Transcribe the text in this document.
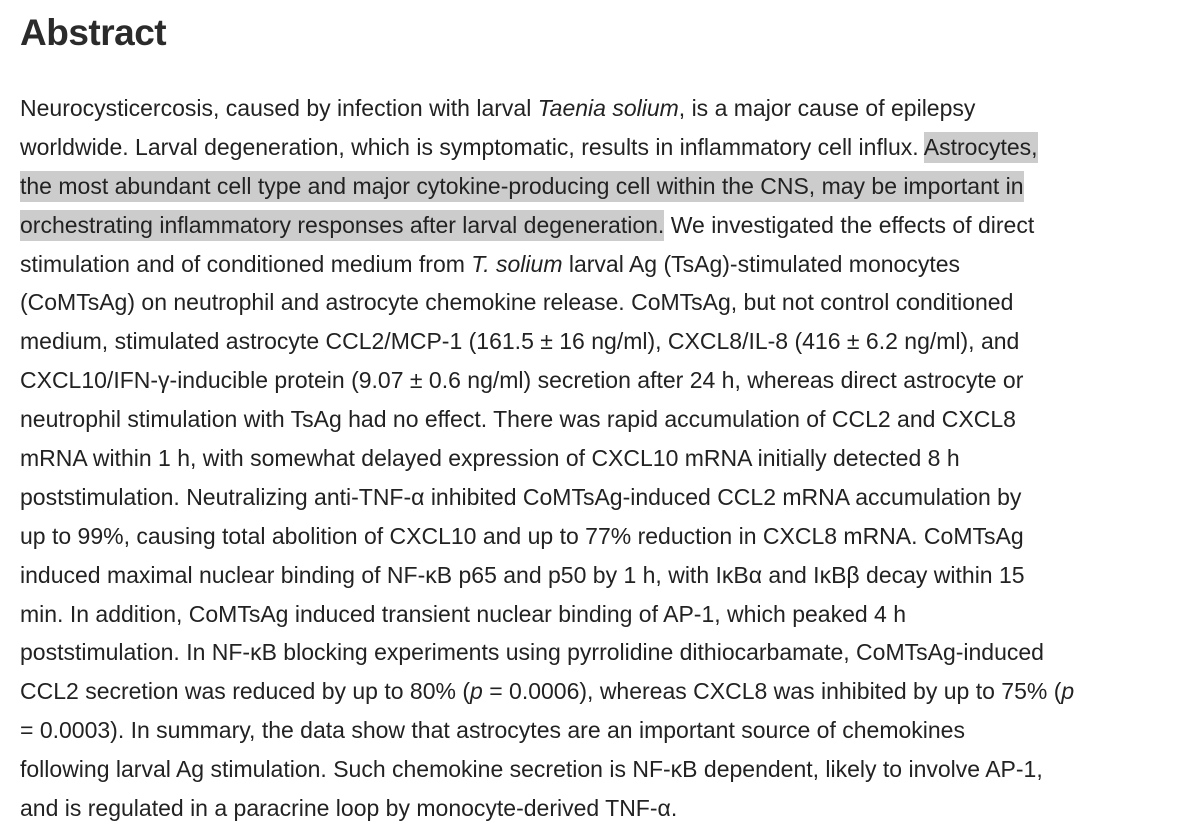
Abstract
Neurocysticercosis, caused by infection with larval Taenia solium, is a major cause of epilepsy
worldwide. Larval degeneration, which is symptomatic, results in inflammatory cell influx. Astrocytes,
the most abundant cell type and major cytokine-producing cell within the CNS, may be important in
orchestrating inflammatory responses after larval degeneration. We investigated the effects of direct
stimulation and of conditioned medium from T. solium larval Ag (TsAg)-stimulated monocytes
(CoMTsAg) on neutrophil and astrocyte chemokine release. CoMTsAg, but not control conditioned
medium, stimulated astrocyte CCL2/MCP-1 (161.5 ± 16 ng/ml), CXCL8/IL-8 (416 ± 6.2 ng/ml), and
CXCL10/IFN-γ-inducible protein (9.07 ± 0.6 ng/ml) secretion after 24 h, whereas direct astrocyte or
neutrophil stimulation with TsAg had no effect. There was rapid accumulation of CCL2 and CXCL8
mRNA within 1 h, with somewhat delayed expression of CXCL10 mRNA initially detected 8 h
poststimulation. Neutralizing anti-TNF-α inhibited CoMTsAg-induced CCL2 mRNA accumulation by
up to 99%, causing total abolition of CXCL10 and up to 77% reduction in CXCL8 mRNA. CoMTsAg
induced maximal nuclear binding of NF-κB p65 and p50 by 1 h, with IκBα and IκBβ decay within 15
min. In addition, CoMTsAg induced transient nuclear binding of AP-1, which peaked 4 h
poststimulation. In NF-κB blocking experiments using pyrrolidine dithiocarbamate, CoMTsAg-induced
CCL2 secretion was reduced by up to 80% (p = 0.0006), whereas CXCL8 was inhibited by up to 75% (p
= 0.0003). In summary, the data show that astrocytes are an important source of chemokines
following larval Ag stimulation. Such chemokine secretion is NF-κB dependent, likely to involve AP-1,
and is regulated in a paracrine loop by monocyte-derived TNF-α.
